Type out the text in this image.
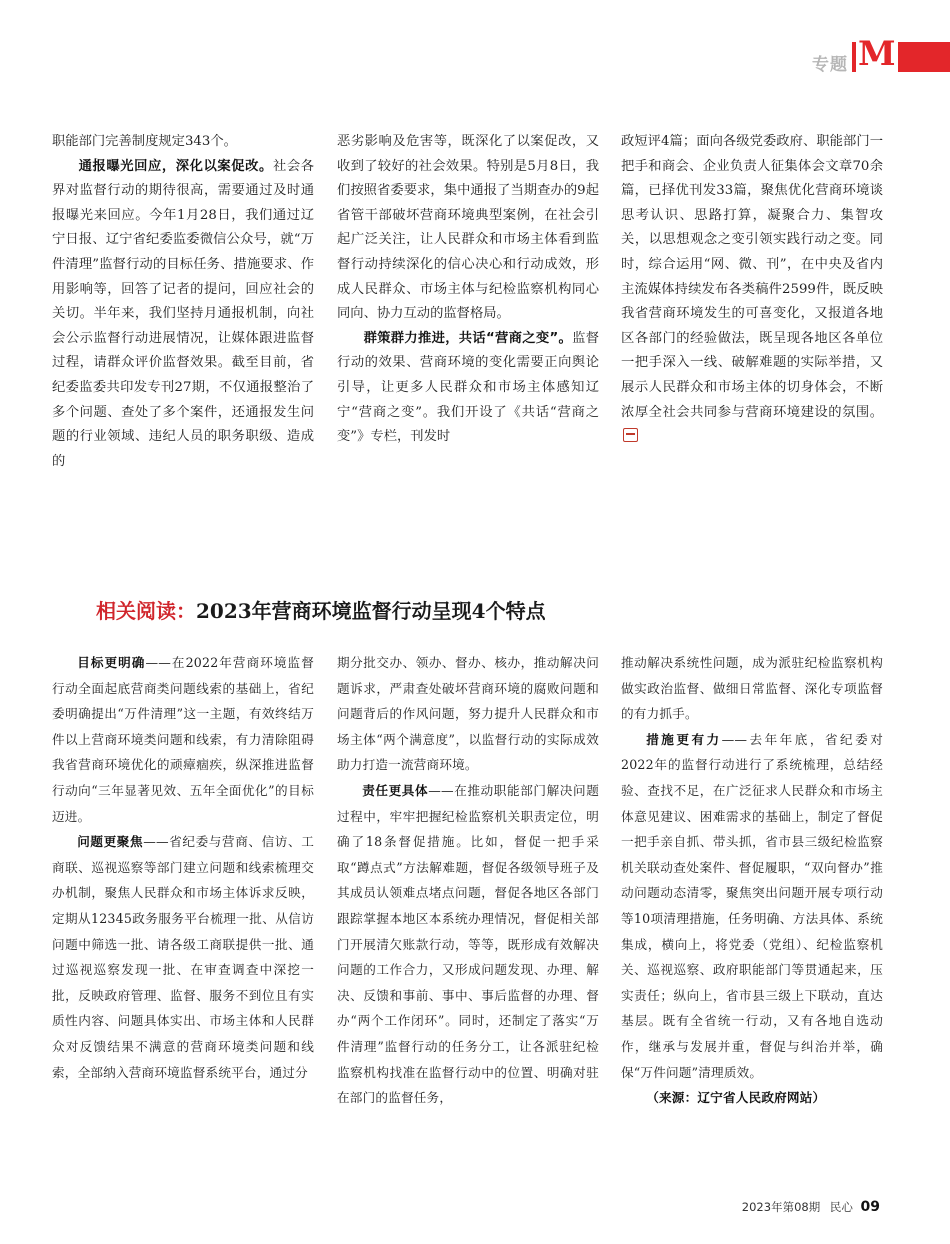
专题 M

职能部门完善制度规定343个。

通报曝光回应，深化以案促改。社会各界对监督行动的期待很高，需要通过及时通报曝光来回应。今年1月28日，我们通过辽宁日报、辽宁省纪委监委微信公众号，就“万件清理”监督行动的目标任务、措施要求、作用影响等，回答了记者的提问，回应社会的关切。半年来，我们坚持月通报机制，向社会公示监督行动进展情况，让媒体跟进监督过程，请群众评价监督效果。截至目前，省纪委监委共印发专刊27期，不仅通报整治了多个问题、查处了多个案件，还通报发生问题的行业领域、违纪人员的职务职级、造成的

恶劣影响及危害等，既深化了以案促改，又收到了较好的社会效果。特别是5月8日，我们按照省委要求，集中通报了当期查办的9起省管干部破坏营商环境典型案例，在社会引起广泛关注，让人民群众和市场主体看到监督行动持续深化的信心决心和行动成效，形成人民群众、市场主体与纪检监察机构同心同向、协力互动的监督格局。

群策群力推进，共话“营商之变”。监督行动的效果、营商环境的变化需要正向舆论引导，让更多人民群众和市场主体感知辽宁“营商之变”。我们开设了《共话“营商之变”》专栏，刊发时

政短评4篇；面向各级党委政府、职能部门一把手和商会、企业负责人征集体会文章70余篇，已择优刊发33篇，聚焦优化营商环境谈思考认识、思路打算，凝聚合力、集智攻关，以思想观念之变引领实践行动之变。同时，综合运用“网、微、刊”，在中央及省内主流媒体持续发布各类稿件2599件，既反映我省营商环境发生的可喜变化，又报道各地区各部门的经验做法，既呈现各地区各单位一把手深入一线、破解难题的实际举措，又展示人民群众和市场主体的切身体会，不断浓厚全社会共同参与营商环境建设的氛围。

相关阅读：2023年营商环境监督行动呈现4个特点

目标更明确——在2022年营商环境监督行动全面起底营商类问题线索的基础上，省纪委明确提出“万件清理”这一主题，有效终结万件以上营商环境类问题和线索，有力清除阻碍我省营商环境优化的顽瘴痼疾，纵深推进监督行动向“三年显著见效、五年全面优化”的目标迈进。

问题更聚焦——省纪委与营商、信访、工商联、巡视巡察等部门建立问题和线索梳理交办机制，聚焦人民群众和市场主体诉求反映，定期从12345政务服务平台梳理一批、从信访问题中筛选一批、请各级工商联提供一批、通过巡视巡察发现一批、在审查调查中深挖一批，反映政府管理、监督、服务不到位且有实质性内容、问题具体实出、市场主体和人民群众对反馈结果不满意的营商环境类问题和线索，全部纳入营商环境监督系统平台，通过分

期分批交办、领办、督办、核办，推动解决问题诉求，严肃查处破坏营商环境的腐败问题和问题背后的作风问题，努力提升人民群众和市场主体“两个满意度”，以监督行动的实际成效助力打造一流营商环境。

责任更具体——在推动职能部门解决问题过程中，牢牢把握纪检监察机关职责定位，明确了18条督促措施。比如，督促一把手采取“蹲点式”方法解难题，督促各级领导班子及其成员认领难点堵点问题，督促各地区各部门跟踪掌握本地区本系统办理情况，督促相关部门开展清欠账款行动，等等，既形成有效解决问题的工作合力，又形成问题发现、办理、解决、反馈和事前、事中、事后监督的办理、督办“两个工作闭环”。同时，还制定了落实“万件清理”监督行动的任务分工，让各派驻纪检监察机构找准在监督行动中的位置、明确对驻在部门的监督任务，

推动解决系统性问题，成为派驻纪检监察机构做实政治监督、做细日常监督、深化专项监督的有力抓手。

措施更有力——去年年底，省纪委对2022年的监督行动进行了系统梳理，总结经验、查找不足，在广泛征求人民群众和市场主体意见建议、困难需求的基础上，制定了督促一把手亲自抓、带头抓，省市县三级纪检监察机关联动查处案件、督促履职，“双向督办”推动问题动态清零，聚焦突出问题开展专项行动等10项清理措施，任务明确、方法具体、系统集成，横向上，将党委（党组）、纪检监察机关、巡视巡察、政府职能部门等贯通起来，压实责任；纵向上，省市县三级上下联动，直达基层。既有全省统一行动，又有各地自选动作，继承与发展并重，督促与纠治并举，确保“万件问题”清理质效。

（来源：辽宁省人民政府网站）

2023年第08期 民心 09
